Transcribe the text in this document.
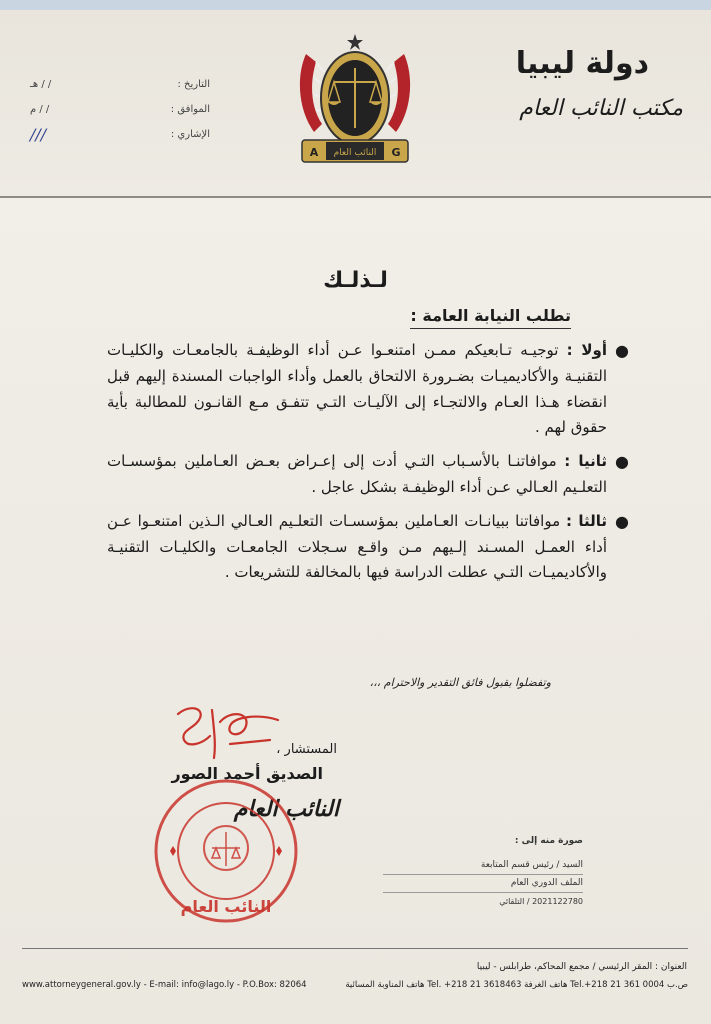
دولة ليبيا
مكتب النائب العام
A	G
النائب العام
التاريخ :
/ / هـ
الموافق :
/ / م
الإشاري :
///
لـذلـك
تطلب النيابة العامة :
●
أولا : توجيـه تـابعيكم ممـن امتنعـوا عـن أداء الوظيفـة بالجامعـات والكليـات التقنيـة والأكاديميـات بضـرورة الالتحاق بالعمل وأداء الواجبات المسندة إليهم قبل انقضاء هـذا العـام والالتجـاء إلى الآليـات التـي تتفـق مـع القانـون للمطالبة بأية حقوق لهم .
●
ثانيا : موافاتنـا بالأسـباب التـي أدت إلى إعـراض بعـض العـاملين بمؤسسـات التعلـيم العـالي عـن أداء الوظيفـة بشكل عاجل .
●
ثالثا : موافاتنا ببيانـات العـاملين بمؤسسـات التعلـيم العـالي الـذين امتنعـوا عـن أداء العمـل المسـند إلـيهم مـن واقـع سـجلات الجامعـات والكليـات التقنيـة والأكاديميـات التـي عطلت الدراسة فيها بالمخالفة للتشريعات .
وتفضلوا بقبول فائق التقدير والاحترام ،،،
المستشار ،
الصديق أحمد الصور
النائب العام
النائب العام
صورة منه إلى :
السيد / رئيس قسم المتابعة
الملف الدوري العام
2021122780 / التلقائي
العنوان : المقر الرئيسي / مجمع المحاكم، طرابلس - ليبيا
www.attorneygeneral.gov.ly - E-mail: info@lago.ly - P.O.Box: 82064	ص.ب Tel.+218 21 361 0004 هاتف الغرفة Tel. +218 21 3618463 هاتف المناوبة المسائية
